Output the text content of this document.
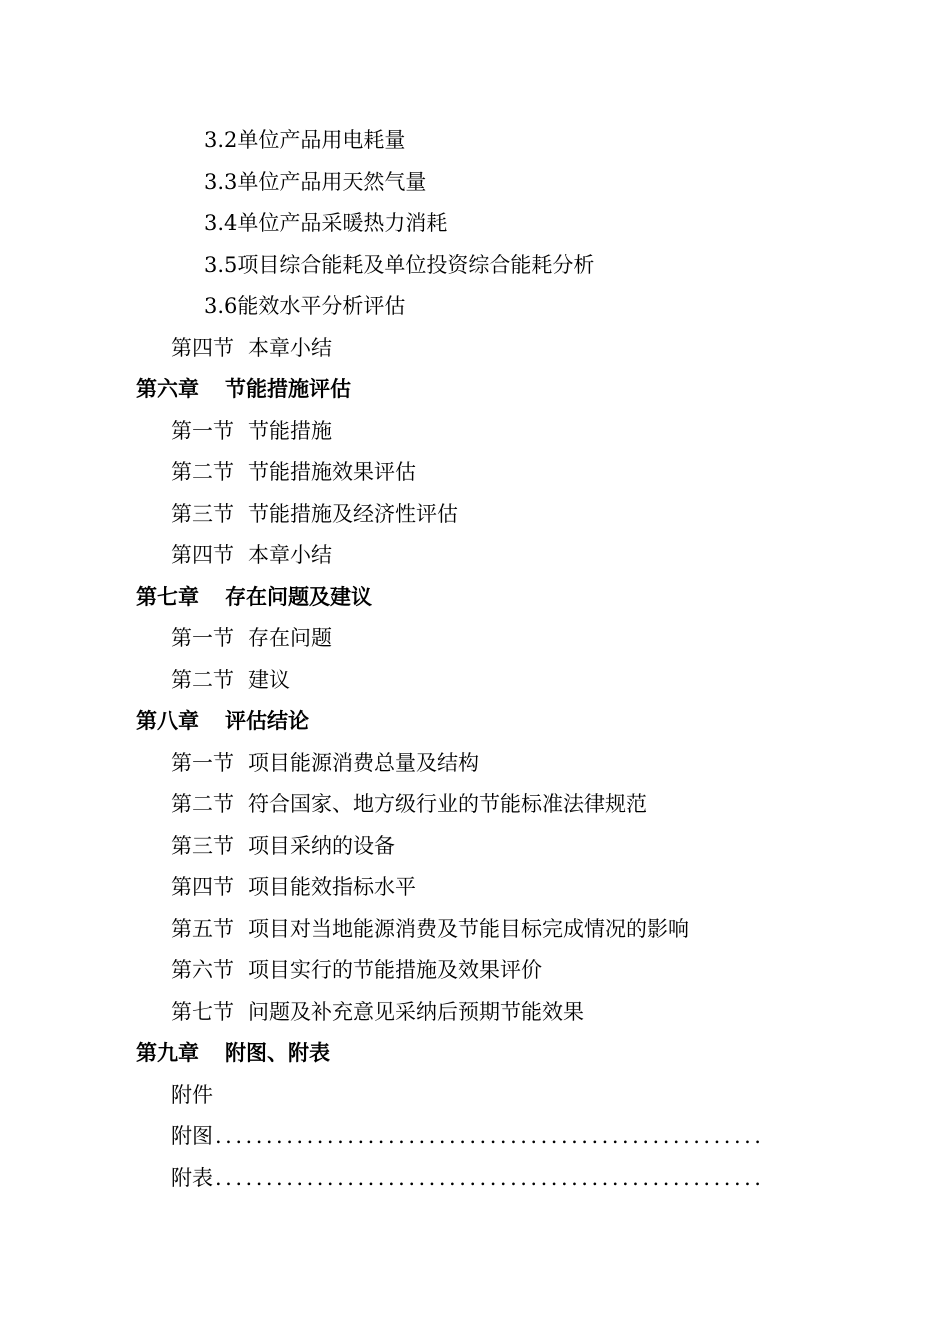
3.2单位产品用电耗量
3.3单位产品用天然气量
3.4单位产品采暖热力消耗
3.5项目综合能耗及单位投资综合能耗分析
3.6能效水平分析评估
第四节 本章小结
第六章 节能措施评估
第一节 节能措施
第二节 节能措施效果评估
第三节 节能措施及经济性评估
第四节 本章小结
第七章 存在问题及建议
第一节 存在问题
第二节 建议
第八章 评估结论
第一节 项目能源消费总量及结构
第二节 符合国家、地方级行业的节能标准法律规范
第三节 项目采纳的设备
第四节 项目能效指标水平
第五节 项目对当地能源消费及节能目标完成情况的影响
第六节 项目实行的节能措施及效果评价
第七节 问题及补充意见采纳后预期节能效果
第九章 附图、附表
附件
附图 ......................................................
附表 ......................................................
